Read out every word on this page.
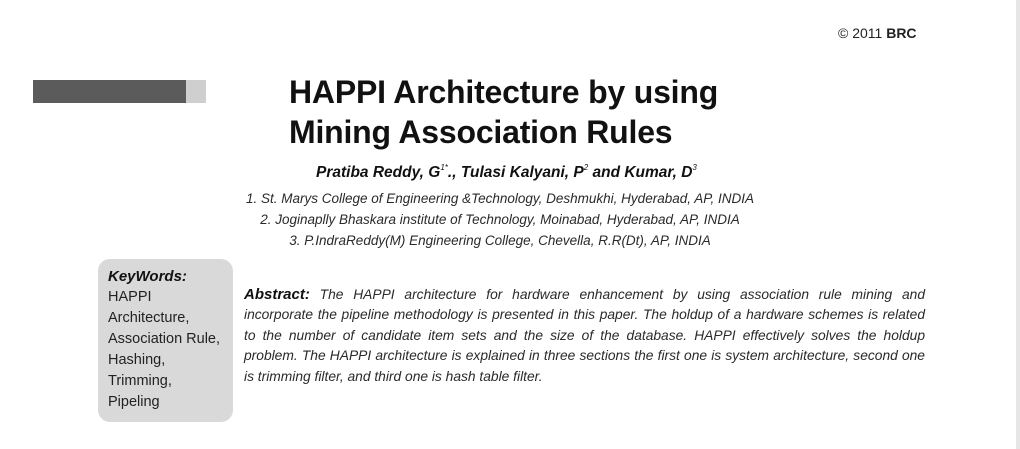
© 2011 BRC
HAPPI Architecture by using
Mining Association Rules
Pratiba Reddy, $G^{1*}$., Tulasi Kalyani, $P^2$ and Kumar, $D^3$
1. St. Marys College of Engineering &Technology, Deshmukhi, Hyderabad, AP, INDIA
2. Joginaplly Bhaskara institute of Technology, Moinabad, Hyderabad, AP, INDIA
3. P.IndraReddy(M) Engineering College, Chevella, R.R(Dt), AP, INDIA
KeyWords:
HAPPI
Architecture,
Association Rule,
Hashing,
Trimming,
Pipeling
Abstract: The HAPPI architecture for hardware enhancement by using association rule mining and incorporate the pipeline methodology is presented in this paper. The holdup of a hardware schemes is related to the number of candidate item sets and the size of the database. HAPPI effectively solves the holdup problem. The HAPPI architecture is explained in three sections the first one is system architecture, second one is trimming filter, and third one is hash table filter.
